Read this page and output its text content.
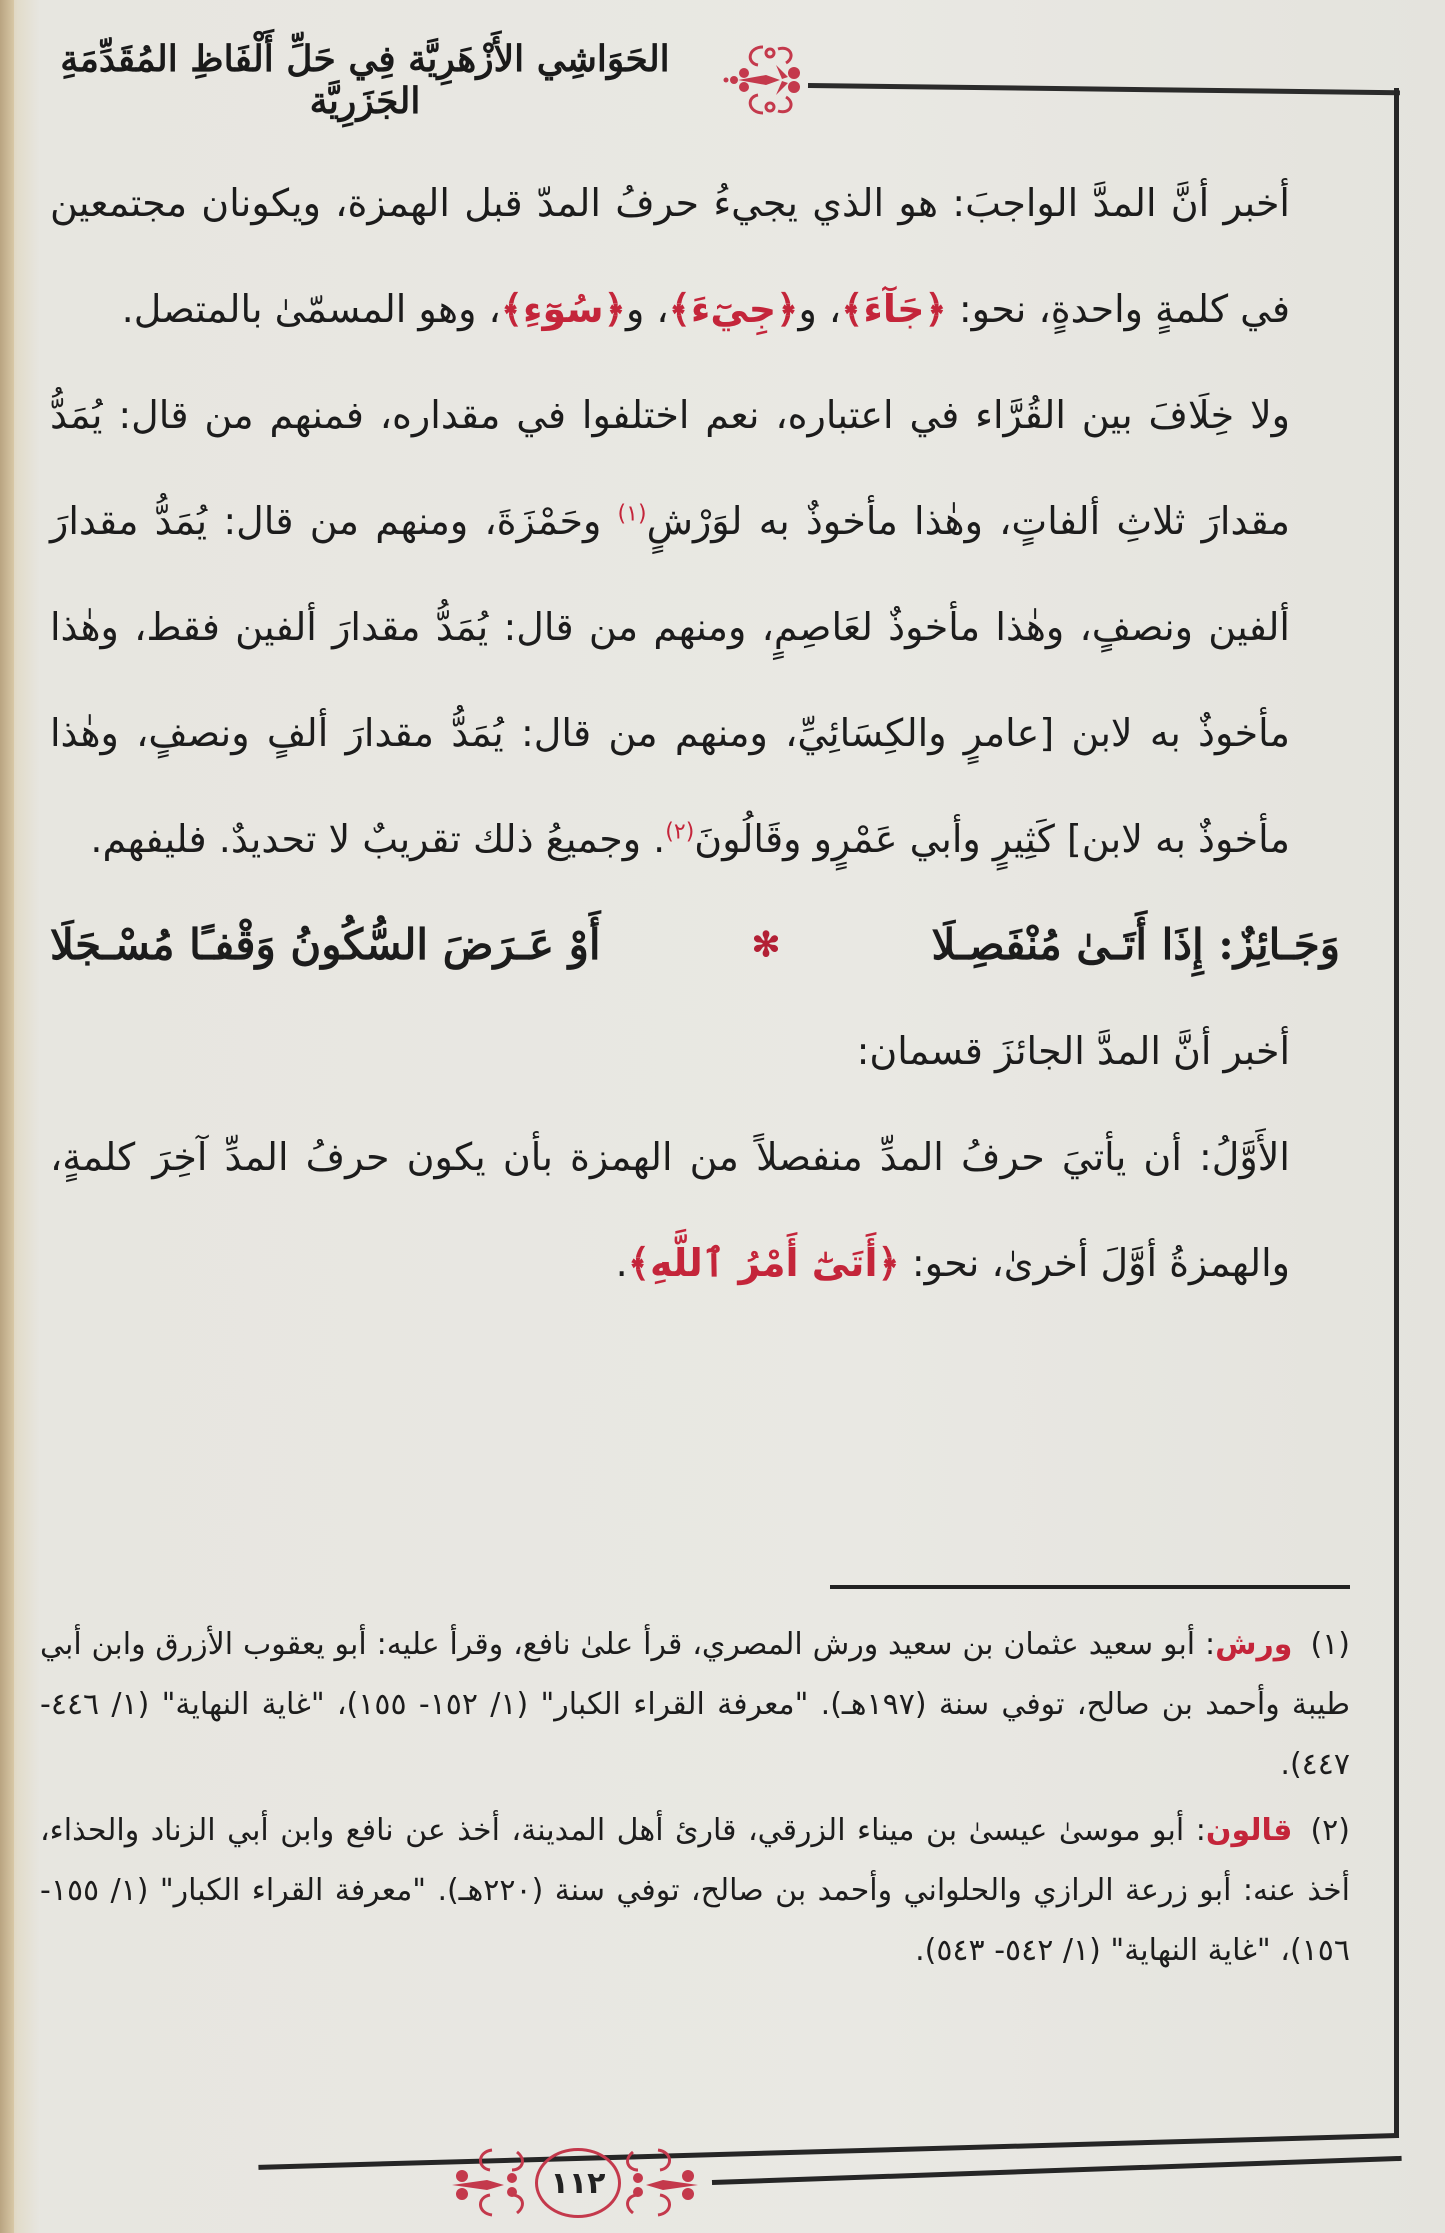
الحَوَاشِي الأَزْهَرِيَّة فِي حَلِّ أَلْفَاظِ المُقَدِّمَةِ الجَزَرِيَّة

أخبر أنَّ المدَّ الواجبَ: هو الذي يجيءُ حرفُ المدّ قبل الهمزة، ويكونان مجتمعين في كلمةٍ واحدةٍ، نحو: ﴿جَآءَ﴾، و﴿جِيٓءَ﴾، و﴿سُوٓءِ﴾، وهو المسمّىٰ بالمتصل.

ولا خِلَافَ بين القُرَّاء في اعتباره، نعم اختلفوا في مقداره، فمنهم من قال: يُمَدُّ مقدارَ ثلاثِ ألفاتٍ، وهٰذا مأخوذٌ به لوَرْشٍ$^{(١)}$ وحَمْزَةَ، ومنهم من قال: يُمَدُّ مقدارَ ألفين ونصفٍ، وهٰذا مأخوذٌ لعَاصِمٍ، ومنهم من قال: يُمَدُّ مقدارَ ألفين فقط، وهٰذا مأخوذٌ به لابن [عامرٍ والكِسَائِيِّ، ومنهم من قال: يُمَدُّ مقدارَ ألفٍ ونصفٍ، وهٰذا مأخوذٌ به لابن] كَثِيرٍ وأبي عَمْرٍو وقَالُونَ$^{(٢)}$. وجميعُ ذلك تقريبٌ لا تحديدٌ. فليفهم.

وَجَـائِزٌ: إِذَا أَتَـىٰ مُنْفَصِـلَا
✻
أَوْ عَـرَضَ السُّكُونُ وَقْفـًا مُسْـجَلَا

أخبر أنَّ المدَّ الجائزَ قسمان:

الأَوَّلُ: أن يأتيَ حرفُ المدِّ منفصلاً من الهمزة بأن يكون حرفُ المدِّ آخِرَ كلمةٍ، والهمزةُ أوَّلَ أخرىٰ، نحو: ﴿أَتَىٰٓ أَمْرُ ٱللَّهِ﴾.

(١)ورش: أبو سعيد عثمان بن سعيد ورش المصري، قرأ علىٰ نافع، وقرأ عليه: أبو يعقوب الأزرق وابن أبي طيبة وأحمد بن صالح، توفي سنة (١٩٧هـ). "معرفة القراء الكبار" (١/ ١٥٢- ١٥٥)، "غاية النهاية" (١/ ٤٤٦- ٤٤٧).

(٢)قالون: أبو موسىٰ عيسىٰ بن ميناء الزرقي، قارئ أهل المدينة، أخذ عن نافع وابن أبي الزناد والحذاء، أخذ عنه: أبو زرعة الرازي والحلواني وأحمد بن صالح، توفي سنة (٢٢٠هـ). "معرفة القراء الكبار" (١/ ١٥٥- ١٥٦)، "غاية النهاية" (١/ ٥٤٢- ٥٤٣).

١١٢
